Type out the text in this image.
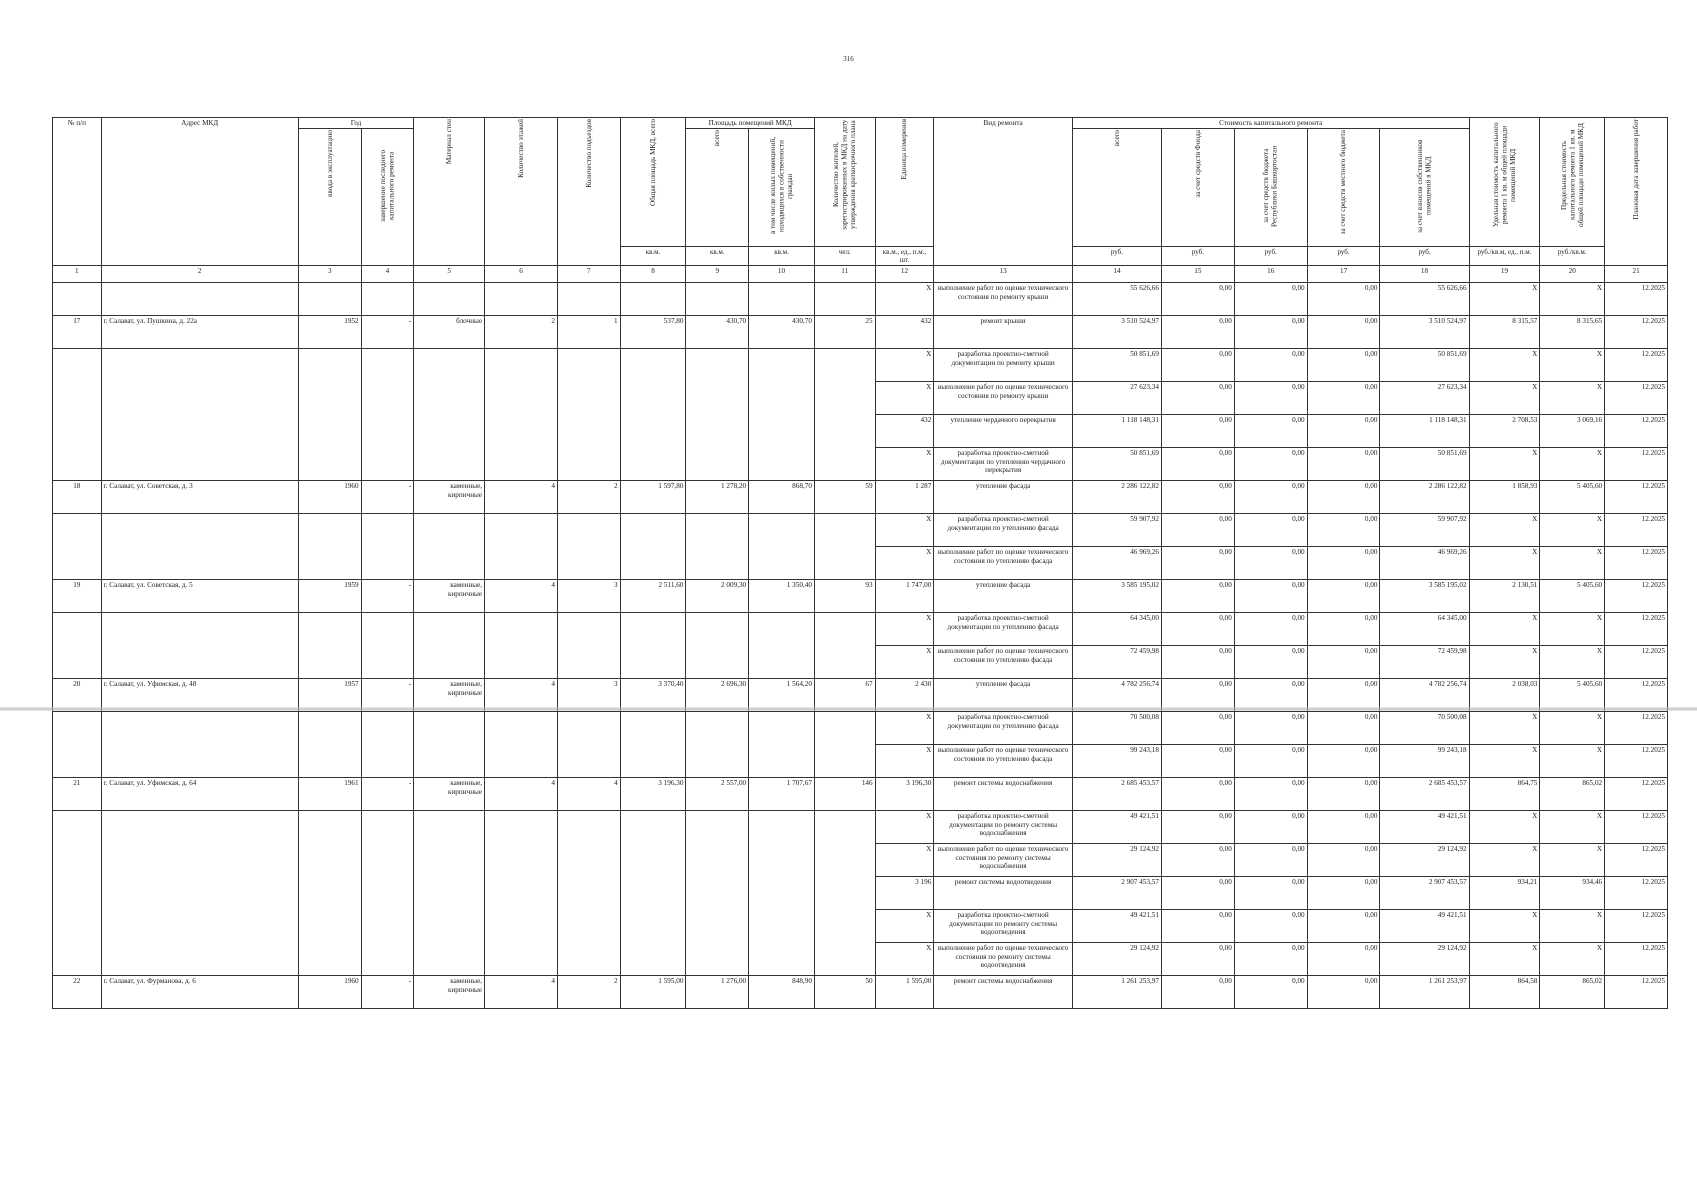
316
№ п/п	Адрес МКД	Год		Материал стен	Количество этажей	Количество подъездов	Общая площадь МКД, всего	Площадь помещений МКД		Количество жителей, зарегистрированных в МКД на дату утверждения краткосрочного плана	Единица измерения	Вид ремонта	Стоимость капитального ремонта					Удельная стоимость капитального ремонта 1 кв. м общей площади помещений МКД	Предельная стоимость капитального ремонта 1 кв. м общей площади помещений МКД	Плановая дата завершения работ
		ввода в эксплуатацию	завершение последнего капитального ремонта					всего	в том числе жилых помещений, находящихся в собственности граждан				всего	за счет средств Фонда	за счет средств бюджета Республики Башкортостан	за счет средств местного бюджета	за счет взносов собственников помещений в МКД			
							кв.м.	кв.м.	кв.м.	чел.	кв.м., ед., п.м., шт.		руб.	руб.	руб.	руб.	руб.	руб./кв.м, ед., п.м.	руб./кв.м.	
1	2	3	4	5	6	7	8	9	10	11	12	13	14	15	16	17	18	19	20	21
											X	выполнение работ по оценке технического состояния по ремонту крыши	55 626,66	0,00	0,00	0,00	55 626,66	X	X	12.2025
17	г. Салават, ул. Пушкина, д. 22а	1952	-	блочные	2	1	537,80	430,70	430,70	25	432	ремонт крыши	3 510 524,97	0,00	0,00	0,00	3 510 524,97	8 315,57	8 315,65	12.2025
											X	разработка проектно-сметной документации по ремонту крыши	50 851,69	0,00	0,00	0,00	50 851,69	X	X	12.2025
											X	выполнение работ по оценке технического состояния по ремонту крыши	27 623,34	0,00	0,00	0,00	27 623,34	X	X	12.2025
											432	утепление чердачного перекрытия	1 118 148,31	0,00	0,00	0,00	1 118 148,31	2 708,53	3 069,16	12.2025
											X	разработка проектно-сметной документации по утеплению чердачного перекрытия	50 851,69	0,00	0,00	0,00	50 851,69	X	X	12.2025
18	г. Салават, ул. Советская, д. 3	1960	-	каменные, кирпичные	4	2	1 597,80	1 278,20	868,70	59	1 287	утепление фасада	2 286 122,82	0,00	0,00	0,00	2 286 122,82	1 858,93	5 405,60	12.2025
											X	разработка проектно-сметной документации по утеплению фасада	59 907,92	0,00	0,00	0,00	59 907,92	X	X	12.2025
											X	выполнение работ по оценке технического состояния по утеплению фасада	46 969,26	0,00	0,00	0,00	46 969,26	X	X	12.2025
19	г. Салават, ул. Советская, д. 5	1959	-	каменные, кирпичные	4	3	2 511,60	2 009,30	1 350,40	93	1 747,00	утепление фасада	3 585 195,02	0,00	0,00	0,00	3 585 195,02	2 130,51	5 405,60	12.2025
											X	разработка проектно-сметной документации по утеплению фасада	64 345,00	0,00	0,00	0,00	64 345,00	X	X	12.2025
											X	выполнение работ по оценке технического состояния по утеплению фасада	72 459,98	0,00	0,00	0,00	72 459,98	X	X	12.2025
20	г. Салават, ул. Уфимская, д. 48	1957	-	каменные, кирпичные	4	3	3 370,40	2 696,30	1 564,20	67	2 430	утепление фасада	4 782 256,74	0,00	0,00	0,00	4 782 256,74	2 038,03	5 405,60	12.2025
											X	разработка проектно-сметной документации по утеплению фасада	70 500,08	0,00	0,00	0,00	70 500,08	X	X	12.2025
											X	выполнение работ по оценке технического состояния по утеплению фасада	99 243,18	0,00	0,00	0,00	99 243,18	X	X	12.2025
21	г. Салават, ул. Уфимская, д. 64	1961	-	каменные, кирпичные	4	4	3 196,30	2 557,00	1 707,67	146	3 196,30	ремонт системы водоснабжения	2 685 453,57	0,00	0,00	0,00	2 685 453,57	864,75	865,02	12.2025
											X	разработка проектно-сметной документации по ремонту системы водоснабжения	49 421,51	0,00	0,00	0,00	49 421,51	X	X	12.2025
											X	выполнение работ по оценке технического состояния по ремонту системы водоснабжения	29 124,92	0,00	0,00	0,00	29 124,92	X	X	12.2025
											3 196	ремонт системы водоотведения	2 907 453,57	0,00	0,00	0,00	2 907 453,57	934,21	934,46	12.2025
											X	разработка проектно-сметной документации по ремонту системы водоотведения	49 421,51	0,00	0,00	0,00	49 421,51	X	X	12.2025
											X	выполнение работ по оценке технического состояния по ремонту системы водоотведения	29 124,92	0,00	0,00	0,00	29 124,92	X	X	12.2025
22	г. Салават, ул. Фурманова, д. 6	1960	-	каменные, кирпичные	4	2	1 595,00	1 276,00	848,90	50	1 595,00	ремонт системы водоснабжения	1 261 253,97	0,00	0,00	0,00	1 261 253,97	864,58	865,02	12.2025
